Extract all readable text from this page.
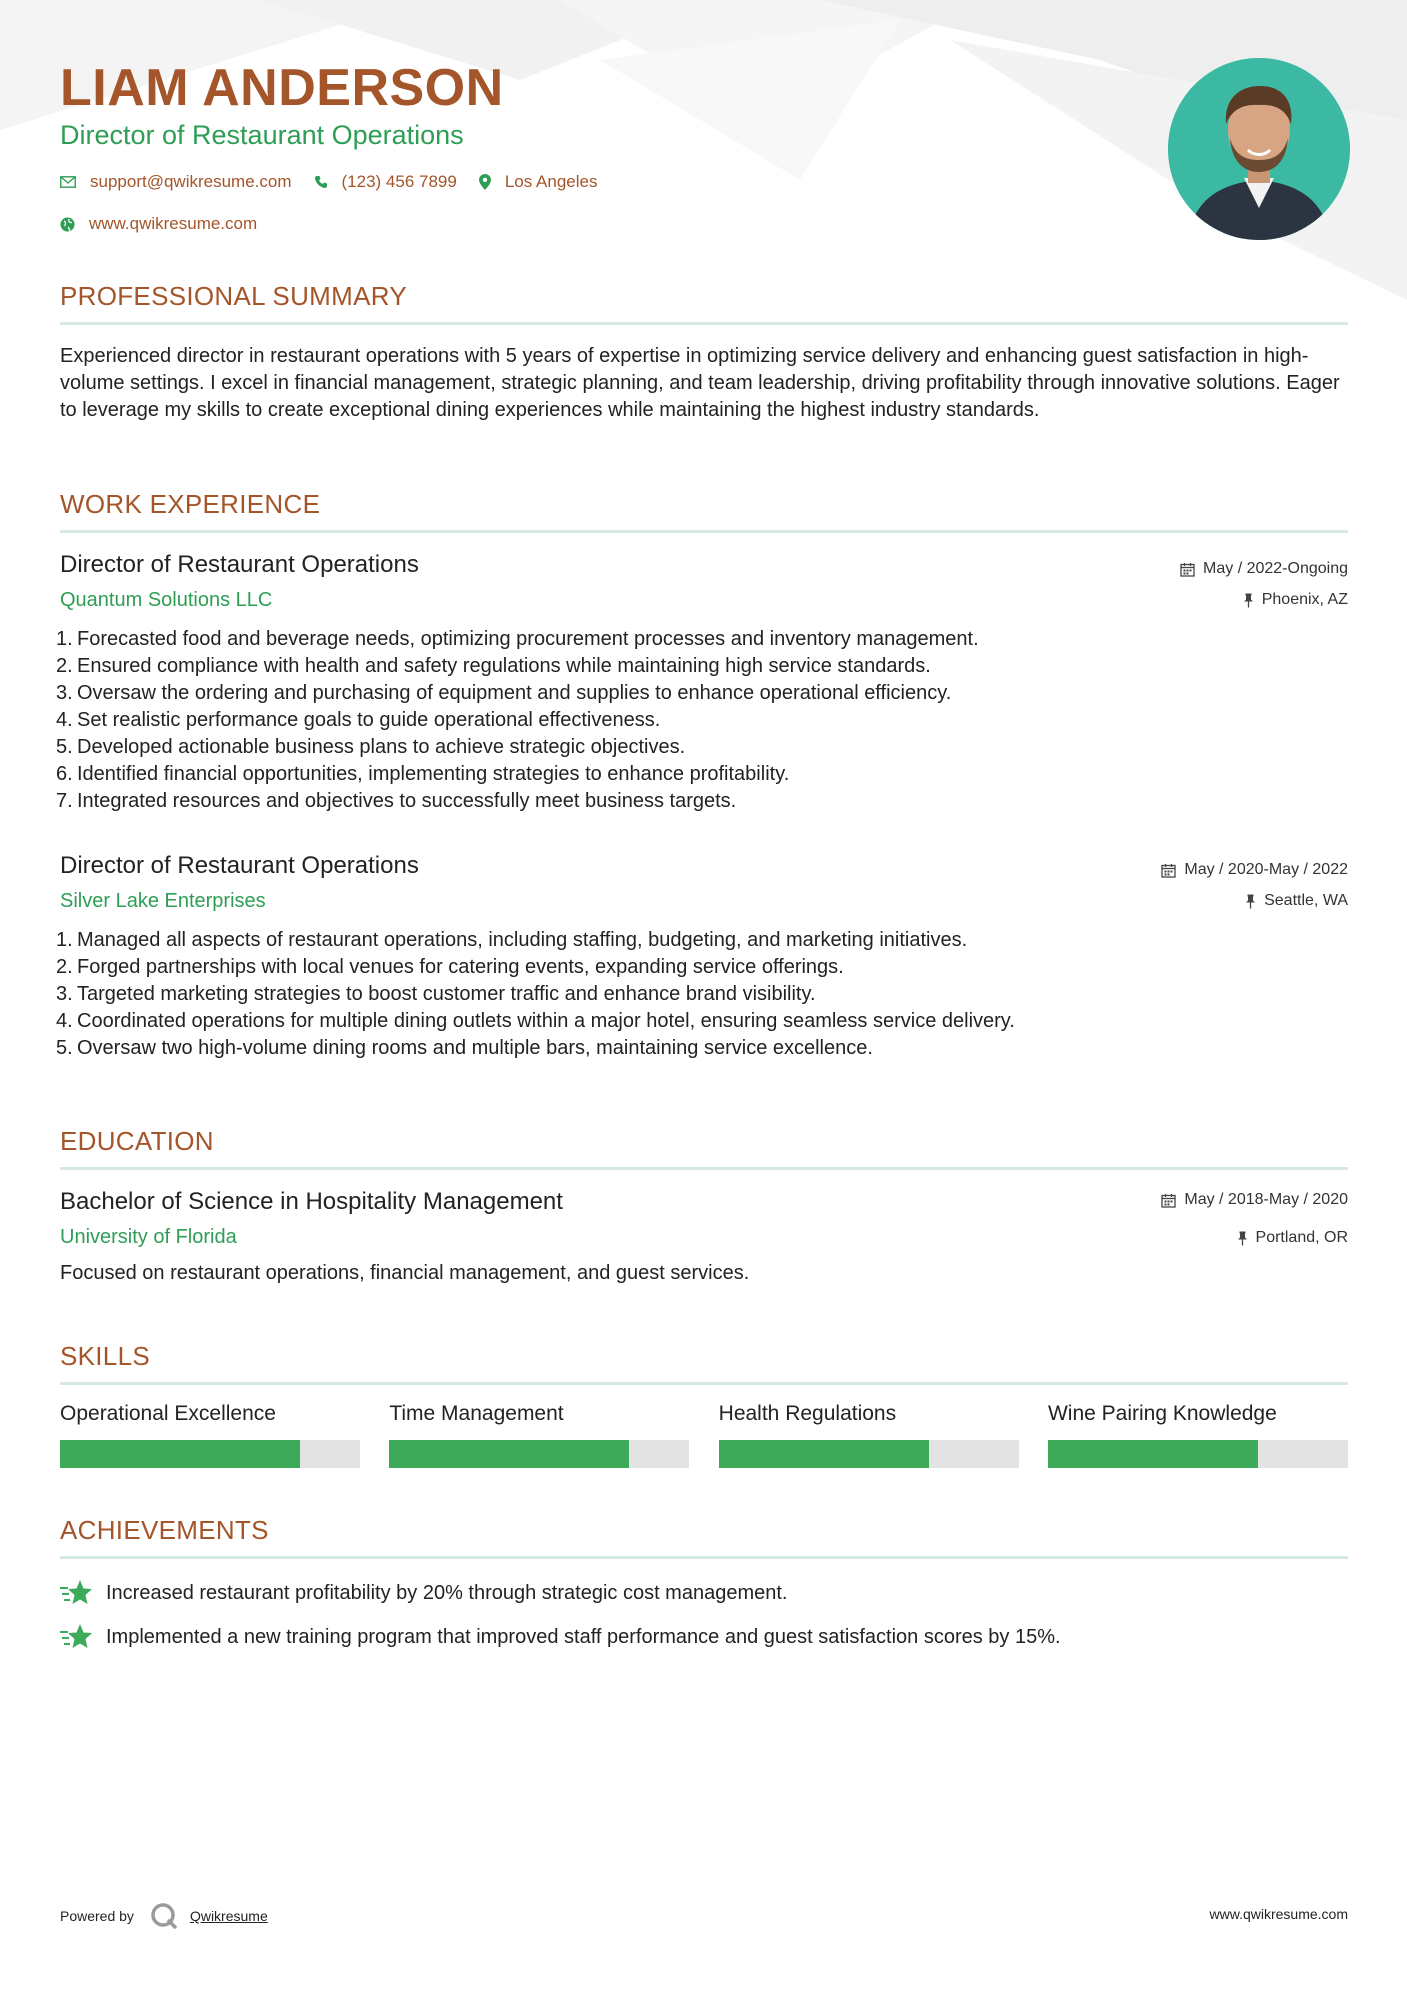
LIAM ANDERSON
Director of Restaurant Operations
support@qwikresume.com	(123) 456 7899	Los Angeles
www.qwikresume.com
PROFESSIONAL SUMMARY
Experienced director in restaurant operations with 5 years of expertise in optimizing service delivery and enhancing guest satisfaction in high-volume settings. I excel in financial management, strategic planning, and team leadership, driving profitability through innovative solutions. Eager to leverage my skills to create exceptional dining experiences while maintaining the highest industry standards.
WORK EXPERIENCE
Director of Restaurant Operations
Quantum Solutions LLC
May / 2022-Ongoing
Phoenix, AZ
1. Forecasted food and beverage needs, optimizing procurement processes and inventory management.
2. Ensured compliance with health and safety regulations while maintaining high service standards.
3. Oversaw the ordering and purchasing of equipment and supplies to enhance operational efficiency.
4. Set realistic performance goals to guide operational effectiveness.
5. Developed actionable business plans to achieve strategic objectives.
6. Identified financial opportunities, implementing strategies to enhance profitability.
7. Integrated resources and objectives to successfully meet business targets.
Director of Restaurant Operations
Silver Lake Enterprises
May / 2020-May / 2022
Seattle, WA
1. Managed all aspects of restaurant operations, including staffing, budgeting, and marketing initiatives.
2. Forged partnerships with local venues for catering events, expanding service offerings.
3. Targeted marketing strategies to boost customer traffic and enhance brand visibility.
4. Coordinated operations for multiple dining outlets within a major hotel, ensuring seamless service delivery.
5. Oversaw two high-volume dining rooms and multiple bars, maintaining service excellence.
EDUCATION
Bachelor of Science in Hospitality Management
University of Florida
May / 2018-May / 2020
Portland, OR
Focused on restaurant operations, financial management, and guest services.
SKILLS
Operational Excellence	Time Management	Health Regulations	Wine Pairing Knowledge
ACHIEVEMENTS
Increased restaurant profitability by 20% through strategic cost management.
Implemented a new training program that improved staff performance and guest satisfaction scores by 15%.
Powered by	Qwikresume	www.qwikresume.com
